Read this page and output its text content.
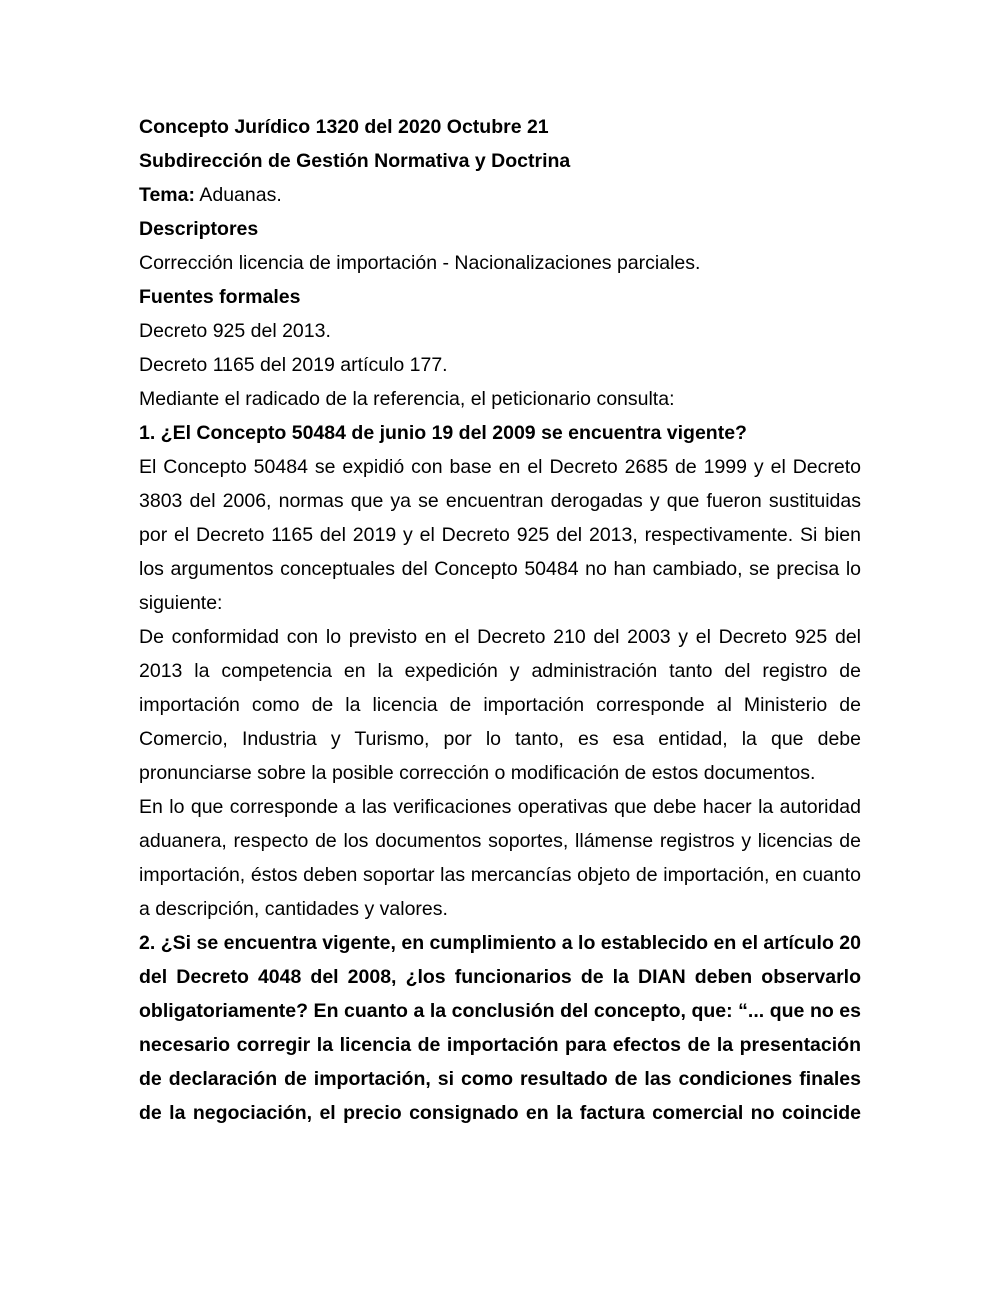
Concepto Jurídico 1320 del 2020 Octubre 21

Subdirección de Gestión Normativa y Doctrina

Tema: Aduanas.

Descriptores

Corrección licencia de importación - Nacionalizaciones parciales.

Fuentes formales

Decreto 925 del 2013.

Decreto 1165 del 2019 artículo 177.

Mediante el radicado de la referencia, el peticionario consulta:

1. ¿El Concepto 50484 de junio 19 del 2009 se encuentra vigente?

El Concepto 50484 se expidió con base en el Decreto 2685 de 1999 y el Decreto 3803 del 2006, normas que ya se encuentran derogadas y que fueron sustituidas por el Decreto 1165 del 2019 y el Decreto 925 del 2013, respectivamente. Si bien los argumentos conceptuales del Concepto 50484 no han cambiado, se precisa lo siguiente:

De conformidad con lo previsto en el Decreto 210 del 2003 y el Decreto 925 del 2013 la competencia en la expedición y administración tanto del registro de importación como de la licencia de importación corresponde al Ministerio de Comercio, Industria y Turismo, por lo tanto, es esa entidad, la que debe pronunciarse sobre la posible corrección o modificación de estos documentos.

En lo que corresponde a las verificaciones operativas que debe hacer la autoridad aduanera, respecto de los documentos soportes, llámense registros y licencias de importación, éstos deben soportar las mercancías objeto de importación, en cuanto a descripción, cantidades y valores.

2. ¿Si se encuentra vigente, en cumplimiento a lo establecido en el artículo 20 del Decreto 4048 del 2008, ¿los funcionarios de la DIAN deben observarlo obligatoriamente? En cuanto a la conclusión del concepto, que: “... que no es necesario corregir la licencia de importación para efectos de la presentación de declaración de importación, si como resultado de las condiciones finales de la negociación, el precio consignado en la factura comercial no coincide
